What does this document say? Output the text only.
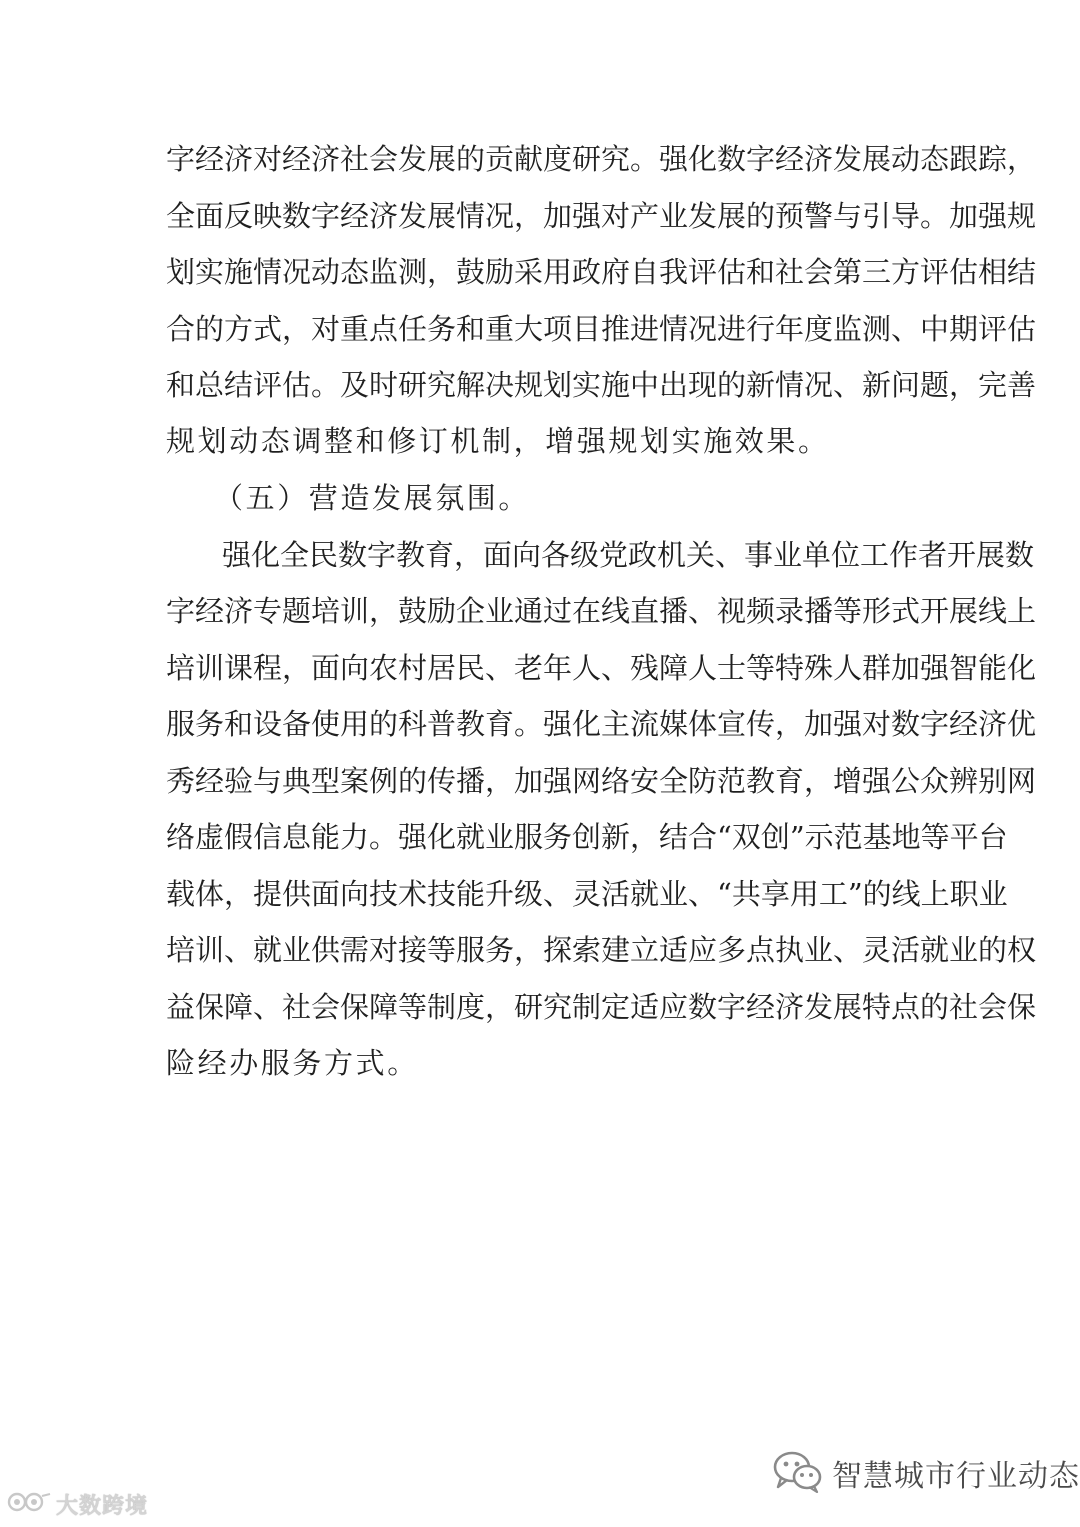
字经济对经济社会发展的贡献度研究。强化数字经济发展动态跟踪，
全面反映数字经济发展情况，加强对产业发展的预警与引导。加强规
划实施情况动态监测，鼓励采用政府自我评估和社会第三方评估相结
合的方式，对重点任务和重大项目推进情况进行年度监测、中期评估
和总结评估。及时研究解决规划实施中出现的新情况、新问题，完善
规划动态调整和修订机制，增强规划实施效果。
（五）营造发展氛围。
强化全民数字教育，面向各级党政机关、事业单位工作者开展数
字经济专题培训，鼓励企业通过在线直播、视频录播等形式开展线上
培训课程，面向农村居民、老年人、残障人士等特殊人群加强智能化
服务和设备使用的科普教育。强化主流媒体宣传，加强对数字经济优
秀经验与典型案例的传播，加强网络安全防范教育，增强公众辨别网
络虚假信息能力。强化就业服务创新，结合“双创”示范基地等平台
载体，提供面向技术技能升级、灵活就业、“共享用工”的线上职业
培训、就业供需对接等服务，探索建立适应多点执业、灵活就业的权
益保障、社会保障等制度，研究制定适应数字经济发展特点的社会保
险经办服务方式。
大数跨境
智慧城市行业动态
